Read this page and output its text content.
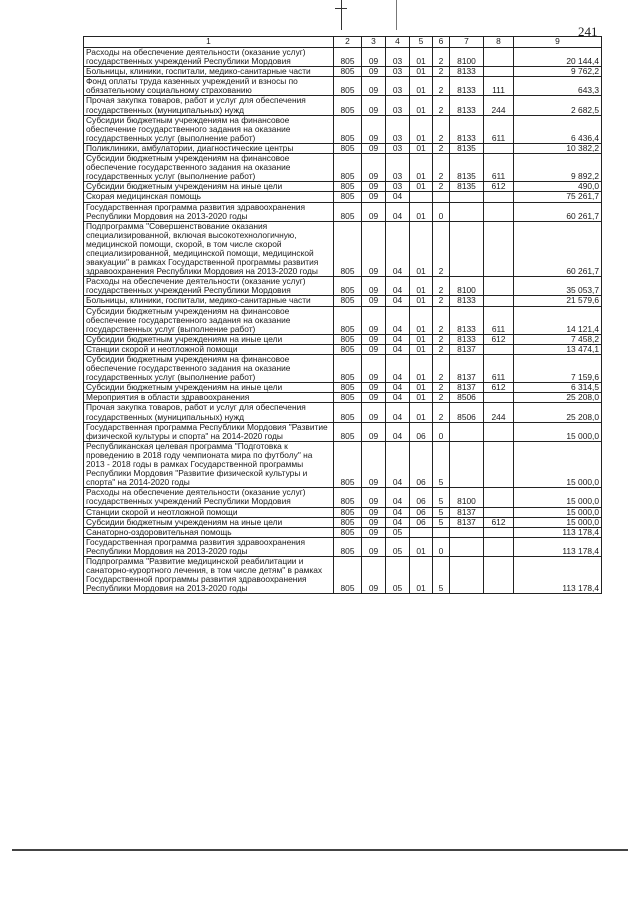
241
1	2	3	4	5	6	7	8	9
Расходы на обеспечение деятельности (оказание услуг) государственных учреждений Республики Мордовия	805	09	03	01	2	8100		20 144,4
Больницы, клиники, госпитали, медико-санитарные части	805	09	03	01	2	8133		9 762,2
Фонд оплаты труда казенных учреждений и взносы по обязательному социальному страхованию	805	09	03	01	2	8133	111	643,3
Прочая закупка товаров, работ и услуг для обеспечения государственных (муниципальных) нужд	805	09	03	01	2	8133	244	2 682,5
Субсидии бюджетным учреждениям на финансовое обеспечение государственного задания на оказание государственных услуг (выполнение работ)	805	09	03	01	2	8133	611	6 436,4
Поликлиники, амбулатории, диагностические центры	805	09	03	01	2	8135		10 382,2
Субсидии бюджетным учреждениям на финансовое обеспечение государственного задания на оказание государственных услуг (выполнение работ)	805	09	03	01	2	8135	611	9 892,2
Субсидии бюджетным учреждениям на иные цели	805	09	03	01	2	8135	612	490,0
Скорая медицинская помощь	805	09	04					75 261,7
Государственная программа развития здравоохранения Республики Мордовия на 2013-2020 годы	805	09	04	01	0			60 261,7
Подпрограмма "Совершенствование оказания специализированной, включая высокотехнологичную, медицинской помощи, скорой, в том числе скорой специализированной, медицинской помощи, медицинской эвакуации" в рамках Государственной программы развития здравоохранения Республики Мордовия на 2013-2020 годы	805	09	04	01	2			60 261,7
Расходы на обеспечение деятельности (оказание услуг) государственных учреждений Республики Мордовия	805	09	04	01	2	8100		35 053,7
Больницы, клиники, госпитали, медико-санитарные части	805	09	04	01	2	8133		21 579,6
Субсидии бюджетным учреждениям на финансовое обеспечение государственного задания на оказание государственных услуг (выполнение работ)	805	09	04	01	2	8133	611	14 121,4
Субсидии бюджетным учреждениям на иные цели	805	09	04	01	2	8133	612	7 458,2
Станции скорой и неотложной помощи	805	09	04	01	2	8137		13 474,1
Субсидии бюджетным учреждениям на финансовое обеспечение государственного задания на оказание государственных услуг (выполнение работ)	805	09	04	01	2	8137	611	7 159,6
Субсидии бюджетным учреждениям на иные цели	805	09	04	01	2	8137	612	6 314,5
Мероприятия в области здравоохранения	805	09	04	01	2	8506		25 208,0
Прочая закупка товаров, работ и услуг для обеспечения государственных (муниципальных) нужд	805	09	04	01	2	8506	244	25 208,0
Государственная программа Республики Мордовия "Развитие физической культуры и спорта" на 2014-2020 годы	805	09	04	06	0			15 000,0
Республиканская целевая программа "Подготовка к проведению в 2018 году чемпионата мира по футболу" на 2013 - 2018 годы в рамках Государственной программы Республики Мордовия "Развитие физической культуры и спорта" на 2014-2020 годы	805	09	04	06	5			15 000,0
Расходы на обеспечение деятельности (оказание услуг) государственных учреждений Республики Мордовия	805	09	04	06	5	8100		15 000,0
Станции скорой и неотложной помощи	805	09	04	06	5	8137		15 000,0
Субсидии бюджетным учреждениям на иные цели	805	09	04	06	5	8137	612	15 000,0
Санаторно-оздоровительная помощь	805	09	05					113 178,4
Государственная программа развития здравоохранения Республики Мордовия на 2013-2020 годы	805	09	05	01	0			113 178,4
Подпрограмма "Развитие медицинской реабилитации и санаторно-курортного лечения, в том числе детям" в рамках Государственной программы развития здравоохранения Республики Мордовия на 2013-2020 годы	805	09	05	01	5			113 178,4
